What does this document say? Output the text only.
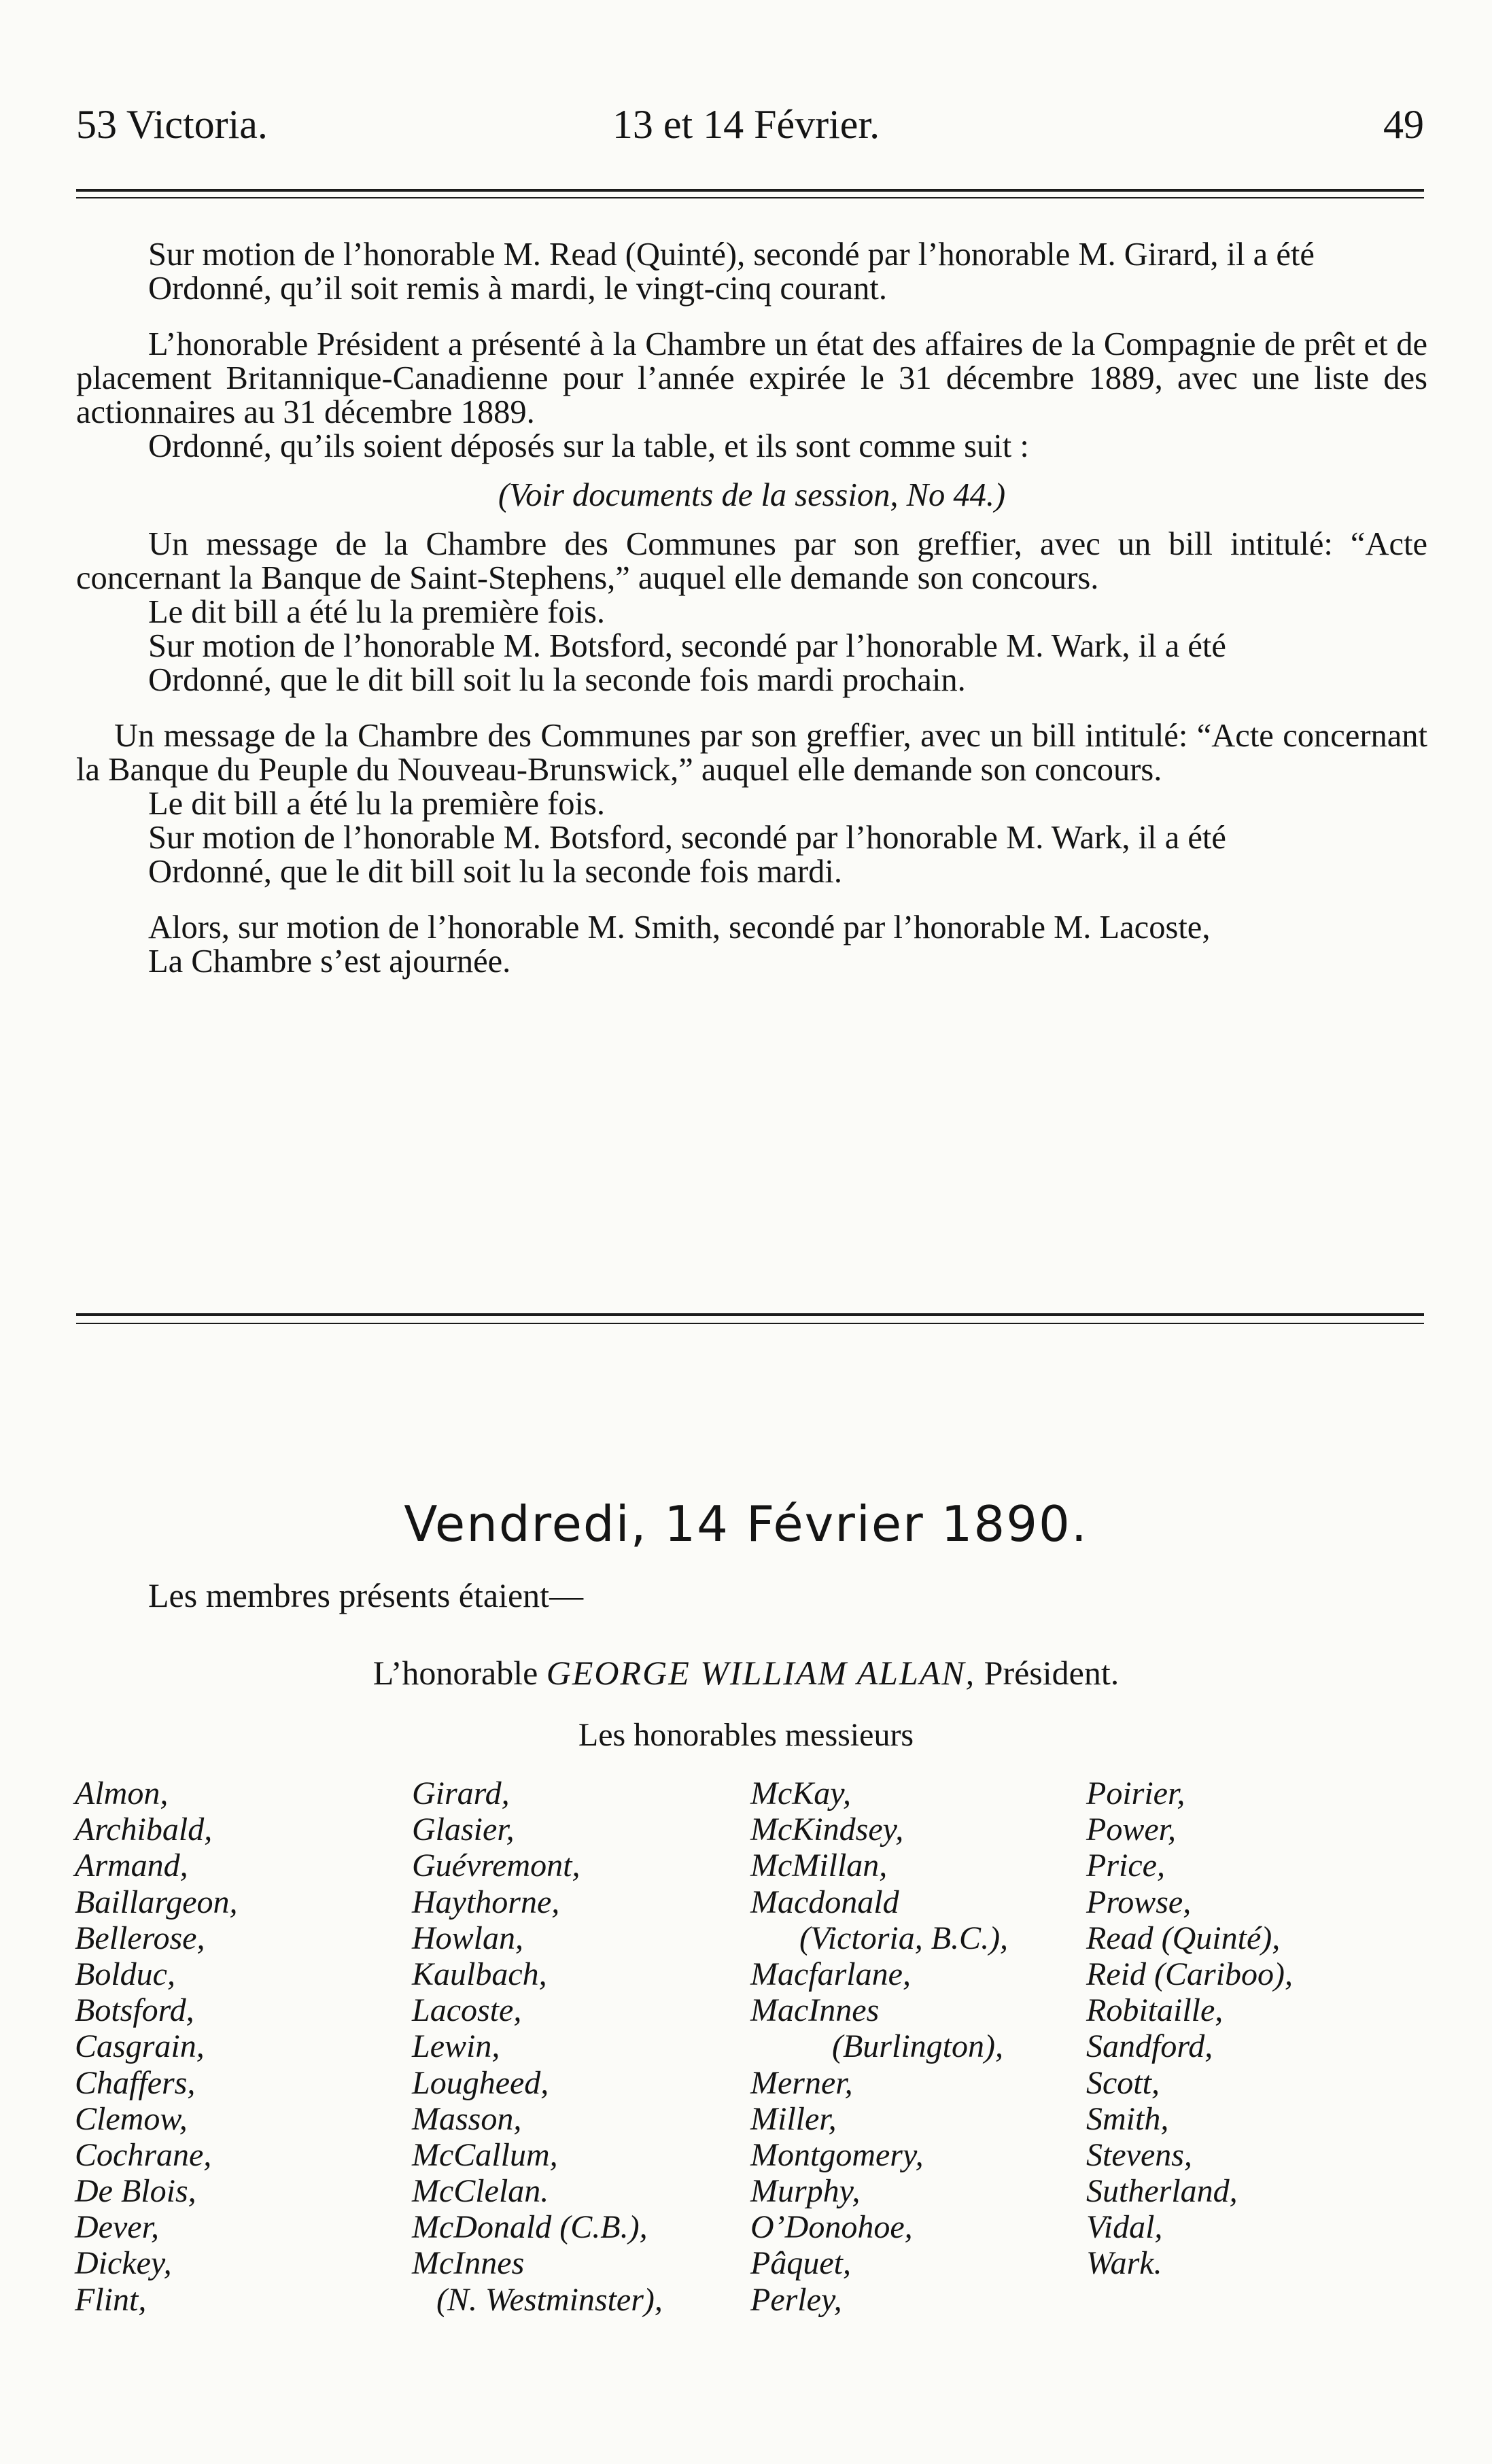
53 Victoria.	13 et 14 Février.	49

Sur motion de l’honorable M. Read (Quinté), secondé par l’honorable M. Girard, il a été

Ordonné, qu’il soit remis à mardi, le vingt-cinq courant.

L’honorable Président a présenté à la Chambre un état des affaires de la Compagnie de prêt et de placement Britannique-Canadienne pour l’année expirée le 31 décembre 1889, avec une liste des actionnaires au 31 décembre 1889.

Ordonné, qu’ils soient déposés sur la table, et ils sont comme suit :

(Voir documents de la session, No 44.)

Un message de la Chambre des Communes par son greffier, avec un bill intitulé: “Acte concernant la Banque de Saint-Stephens,” auquel elle demande son concours.

Le dit bill a été lu la première fois.

Sur motion de l’honorable M. Botsford, secondé par l’honorable M. Wark, il a été

Ordonné, que le dit bill soit lu la seconde fois mardi prochain.

Un message de la Chambre des Communes par son greffier, avec un bill intitulé: “Acte concernant la Banque du Peuple du Nouveau-Brunswick,” auquel elle demande son concours.

Le dit bill a été lu la première fois.

Sur motion de l’honorable M. Botsford, secondé par l’honorable M. Wark, il a été

Ordonné, que le dit bill soit lu la seconde fois mardi.

Alors, sur motion de l’honorable M. Smith, secondé par l’honorable M. Lacoste,

La Chambre s’est ajournée.

Vendredi, 14 Février 1890.
Les membres présents étaient—
L’honorable GEORGE WILLIAM ALLAN, Président.
Les honorables messieurs
Almon,
Archibald,
Armand,
Baillargeon,
Bellerose,
Bolduc,
Botsford,
Casgrain,
Chaffers,
Clemow,
Cochrane,
De Blois,
Dever,
Dickey,
Flint,
Girard,
Glasier,
Guévremont,
Haythorne,
Howlan,
Kaulbach,
Lacoste,
Lewin,
Lougheed,
Masson,
McCallum,
McClelan.
McDonald (C.B.),
McInnes
(N. Westminster),
McKay,
McKindsey,
McMillan,
Macdonald
(Victoria, B.C.),
Macfarlane,
MacInnes
(Burlington),
Merner,
Miller,
Montgomery,
Murphy,
O’Donohoe,
Pâquet,
Perley,
Poirier,
Power,
Price,
Prowse,
Read (Quinté),
Reid (Cariboo),
Robitaille,
Sandford,
Scott,
Smith,
Stevens,
Sutherland,
Vidal,
Wark.
